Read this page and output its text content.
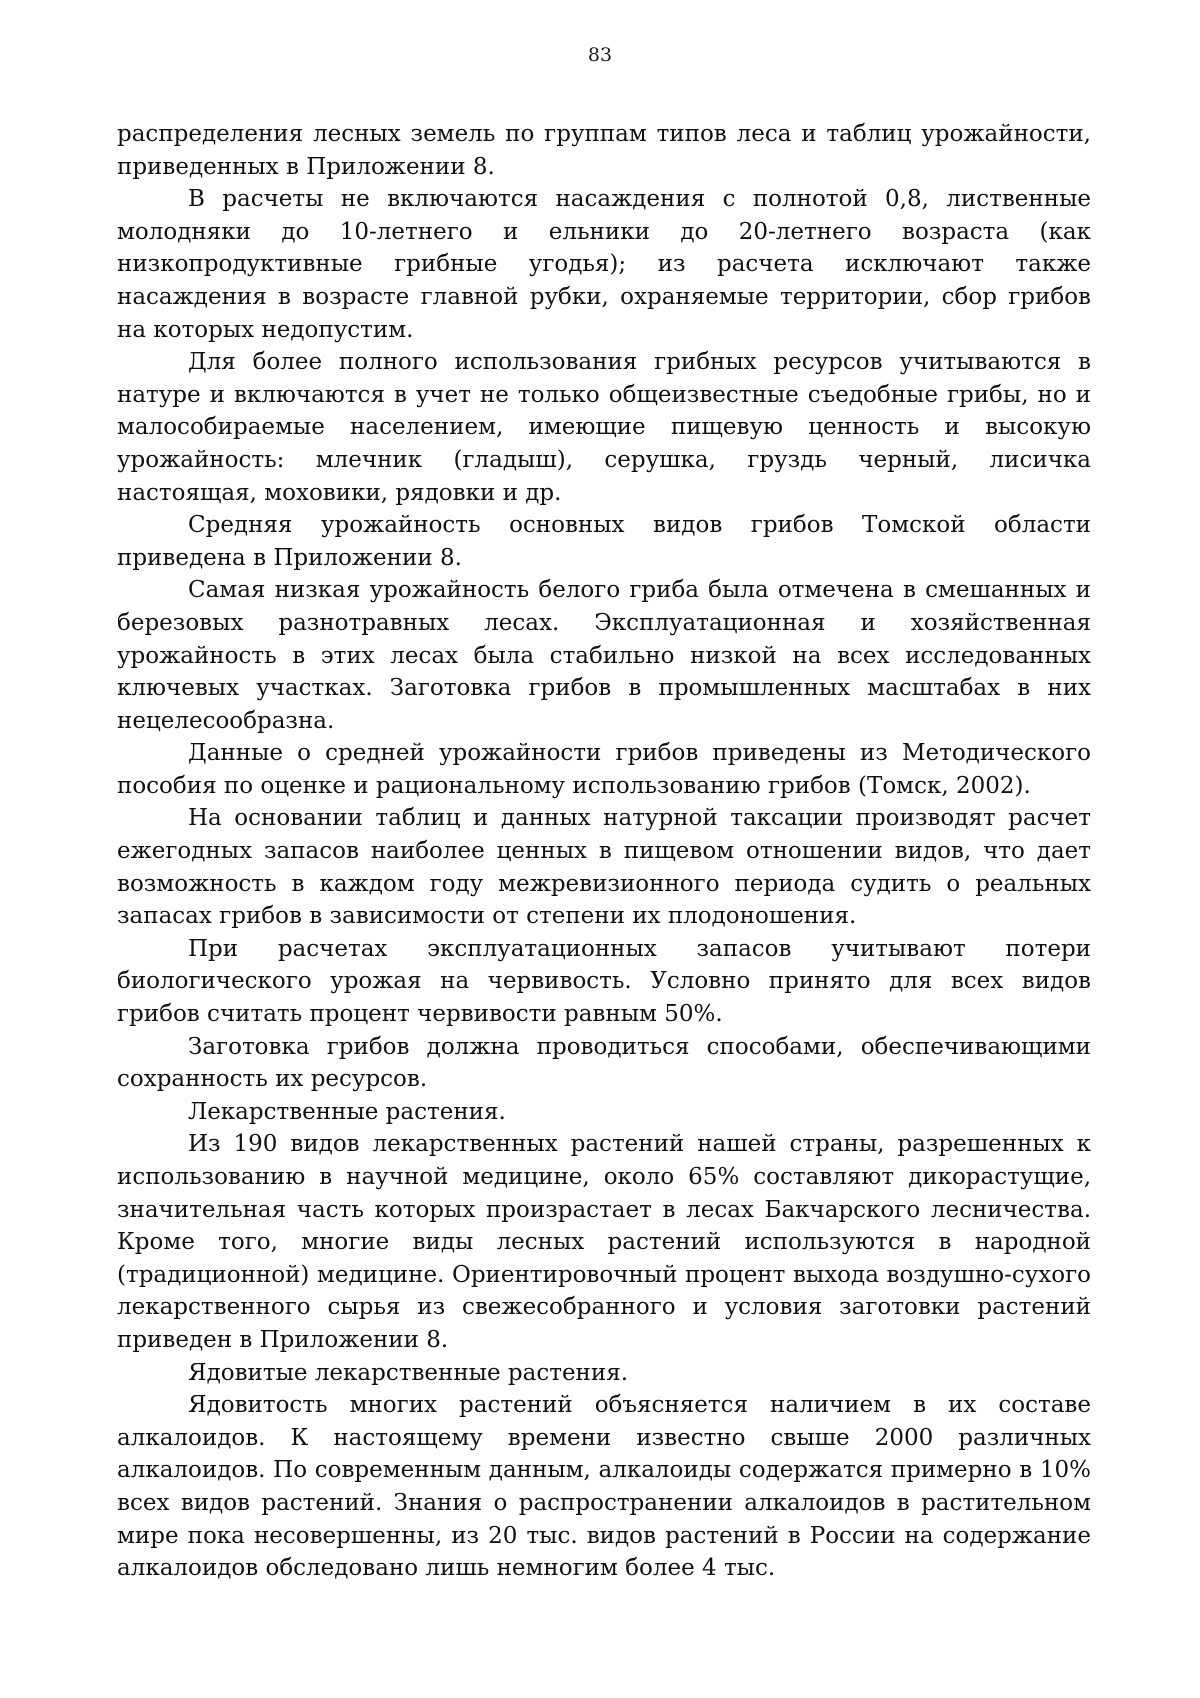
83

распределения лесных земель по группам типов леса и таблиц урожайности, приведенных в Приложении 8.

В расчеты не включаются насаждения с полнотой 0,8, лиственные молодняки до 10-летнего и ельники до 20-летнего возраста (как низкопродуктивные грибные угодья); из расчета исключают также насаждения в возрасте главной рубки, охраняемые территории, сбор грибов на которых недопустим.

Для более полного использования грибных ресурсов учитываются в натуре и включаются в учет не только общеизвестные съедобные грибы, но и малособираемые населением, имеющие пищевую ценность и высокую урожайность: млечник (гладыш), серушка, груздь черный, лисичка настоящая, моховики, рядовки и др.

Средняя урожайность основных видов грибов Томской области приведена в Приложении 8.

Самая низкая урожайность белого гриба была отмечена в смешанных и березовых разнотравных лесах. Эксплуатационная и хозяйственная урожайность в этих лесах была стабильно низкой на всех исследованных ключевых участках. Заготовка грибов в промышленных масштабах в них нецелесообразна.

Данные о средней урожайности грибов приведены из Методического пособия по оценке и рациональному использованию грибов (Томск, 2002).

На основании таблиц и данных натурной таксации производят расчет ежегодных запасов наиболее ценных в пищевом отношении видов, что дает возможность в каждом году межревизионного периода судить о реальных запасах грибов в зависимости от степени их плодоношения.

При расчетах эксплуатационных запасов учитывают потери биологического урожая на червивость. Условно принято для всех видов грибов считать процент червивости равным 50%.

Заготовка грибов должна проводиться способами, обеспечивающими сохранность их ресурсов.

Лекарственные растения.

Из 190 видов лекарственных растений нашей страны, разрешенных к использованию в научной медицине, около 65% составляют дикорастущие, значительная часть которых произрастает в лесах Бакчарского лесничества. Кроме того, многие виды лесных растений используются в народной (традиционной) медицине. Ориентировочный процент выхода воздушно-сухого лекарственного сырья из свежесобранного и условия заготовки растений приведен в Приложении 8.

Ядовитые лекарственные растения.

Ядовитость многих растений объясняется наличием в их составе алкалоидов. К настоящему времени известно свыше 2000 различных алкалоидов. По современным данным, алкалоиды содержатся примерно в 10% всех видов растений. Знания о распространении алкалоидов в растительном мире пока несовершенны, из 20 тыс. видов растений в России на содержание алкалоидов обследовано лишь немногим более 4 тыс.
